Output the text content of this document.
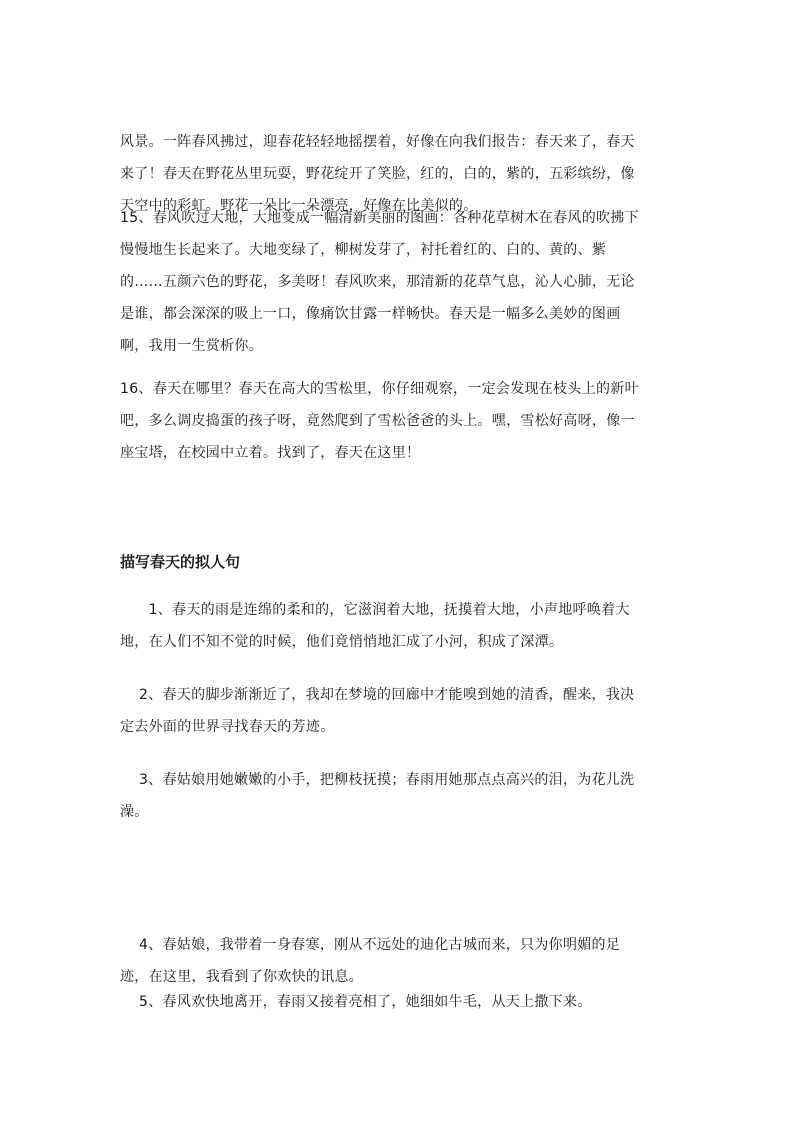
风景。一阵春风拂过，迎春花轻轻地摇摆着，好像在向我们报告：春天来了，春天
来了！春天在野花丛里玩耍，野花绽开了笑脸，红的，白的，紫的，五彩缤纷，像
天空中的彩虹。野花一朵比一朵漂亮，好像在比美似的。

15、春风吹过大地，大地变成一幅清新美丽的图画：各种花草树木在春风的吹拂下
慢慢地生长起来了。大地变绿了，柳树发芽了，衬托着红的、白的、黄的、紫
的……五颜六色的野花，多美呀！春风吹来，那清新的花草气息，沁人心肺，无论
是谁，都会深深的吸上一口，像痛饮甘露一样畅快。春天是一幅多么美妙的图画
啊，我用一生赏析你。

16、春天在哪里？春天在高大的雪松里，你仔细观察，一定会发现在枝头上的新叶
吧，多么调皮捣蛋的孩子呀，竟然爬到了雪松爸爸的头上。嘿，雪松好高呀，像一
座宝塔，在校园中立着。找到了，春天在这里！

描写春天的拟人句

　　1、春天的雨是连绵的柔和的，它滋润着大地，抚摸着大地，小声地呼唤着大
地，在人们不知不觉的时候，他们竟悄悄地汇成了小河，积成了深潭。

　 2、春天的脚步渐渐近了，我却在梦境的回廊中才能嗅到她的清香，醒来，我决
定去外面的世界寻找春天的芳迹。

　 3、春姑娘用她嫩嫩的小手，把柳枝抚摸；春雨用她那点点高兴的泪，为花儿洗
澡。

　 4、春姑娘，我带着一身春寒，刚从不远处的迪化古城而来，只为你明媚的足
迹，在这里，我看到了你欢快的讯息。

　 5、春风欢快地离开，春雨又接着亮相了，她细如牛毛，从天上撒下来。
